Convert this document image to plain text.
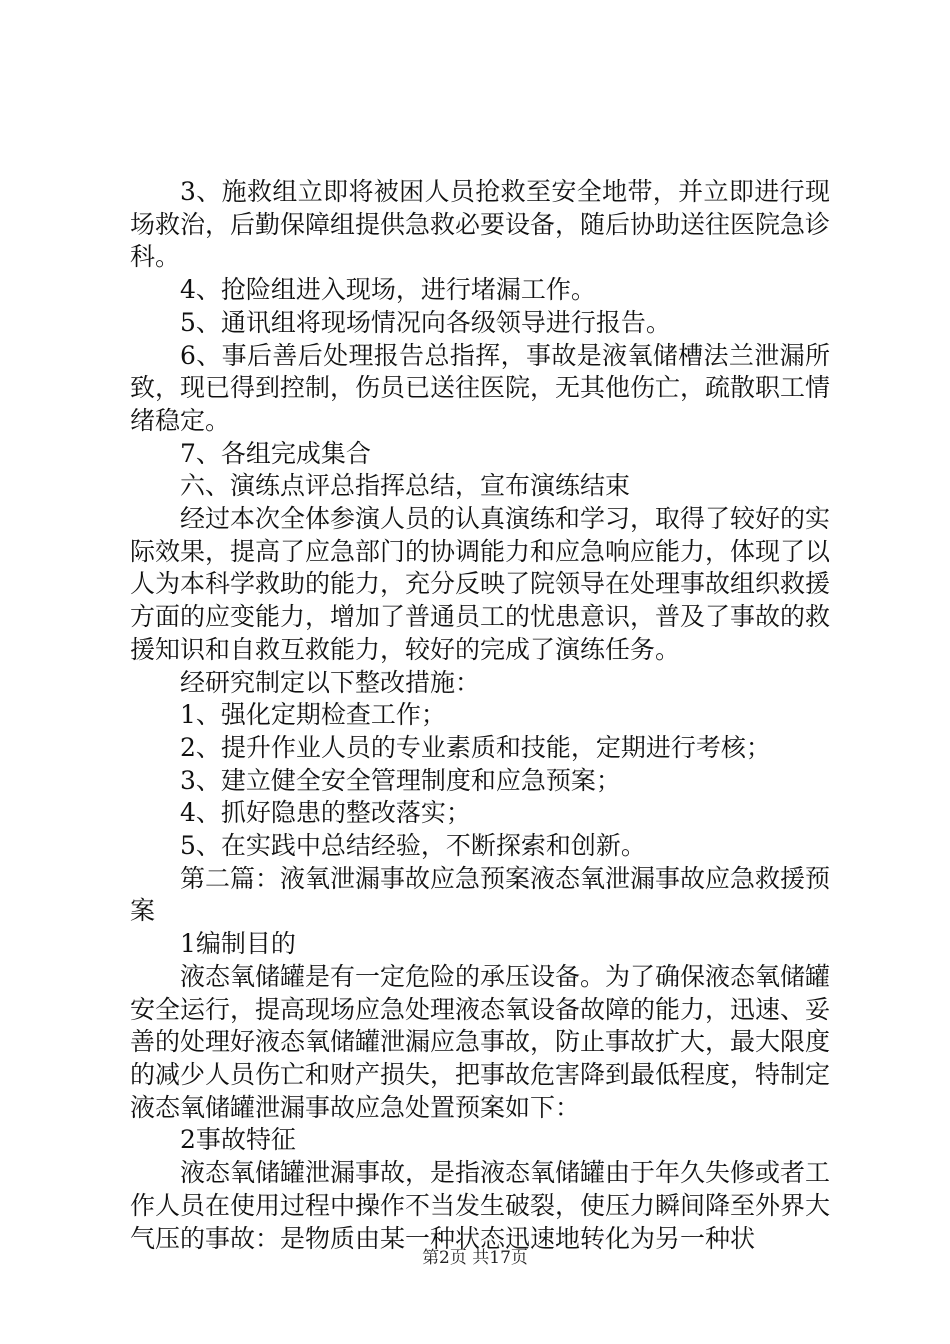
3、施救组立即将被困人员抢救至安全地带，并立即进行现场救治，后勤保障组提供急救必要设备，随后协助送往医院急诊科。

4、抢险组进入现场，进行堵漏工作。

5、通讯组将现场情况向各级领导进行报告。

6、事后善后处理报告总指挥，事故是液氧储槽法兰泄漏所致，现已得到控制，伤员已送往医院，无其他伤亡，疏散职工情绪稳定。

7、各组完成集合

六、演练点评总指挥总结，宣布演练结束

经过本次全体参演人员的认真演练和学习，取得了较好的实际效果，提高了应急部门的协调能力和应急响应能力，体现了以人为本科学救助的能力，充分反映了院领导在处理事故组织救援方面的应变能力，增加了普通员工的忧患意识，普及了事故的救援知识和自救互救能力，较好的完成了演练任务。

经研究制定以下整改措施：

1、强化定期检查工作；

2、提升作业人员的专业素质和技能，定期进行考核；

3、建立健全安全管理制度和应急预案；

4、抓好隐患的整改落实；

5、在实践中总结经验，不断探索和创新。

第二篇：液氧泄漏事故应急预案液态氧泄漏事故应急救援预案

1编制目的

液态氧储罐是有一定危险的承压设备。为了确保液态氧储罐安全运行，提高现场应急处理液态氧设备故障的能力，迅速、妥善的处理好液态氧储罐泄漏应急事故，防止事故扩大，最大限度的减少人员伤亡和财产损失，把事故危害降到最低程度，特制定液态氧储罐泄漏事故应急处置预案如下：

2事故特征

液态氧储罐泄漏事故，是指液态氧储罐由于年久失修或者工作人员在使用过程中操作不当发生破裂，使压力瞬间降至外界大气压的事故：是物质由某一种状态迅速地转化为另一种状

第2页 共17页
